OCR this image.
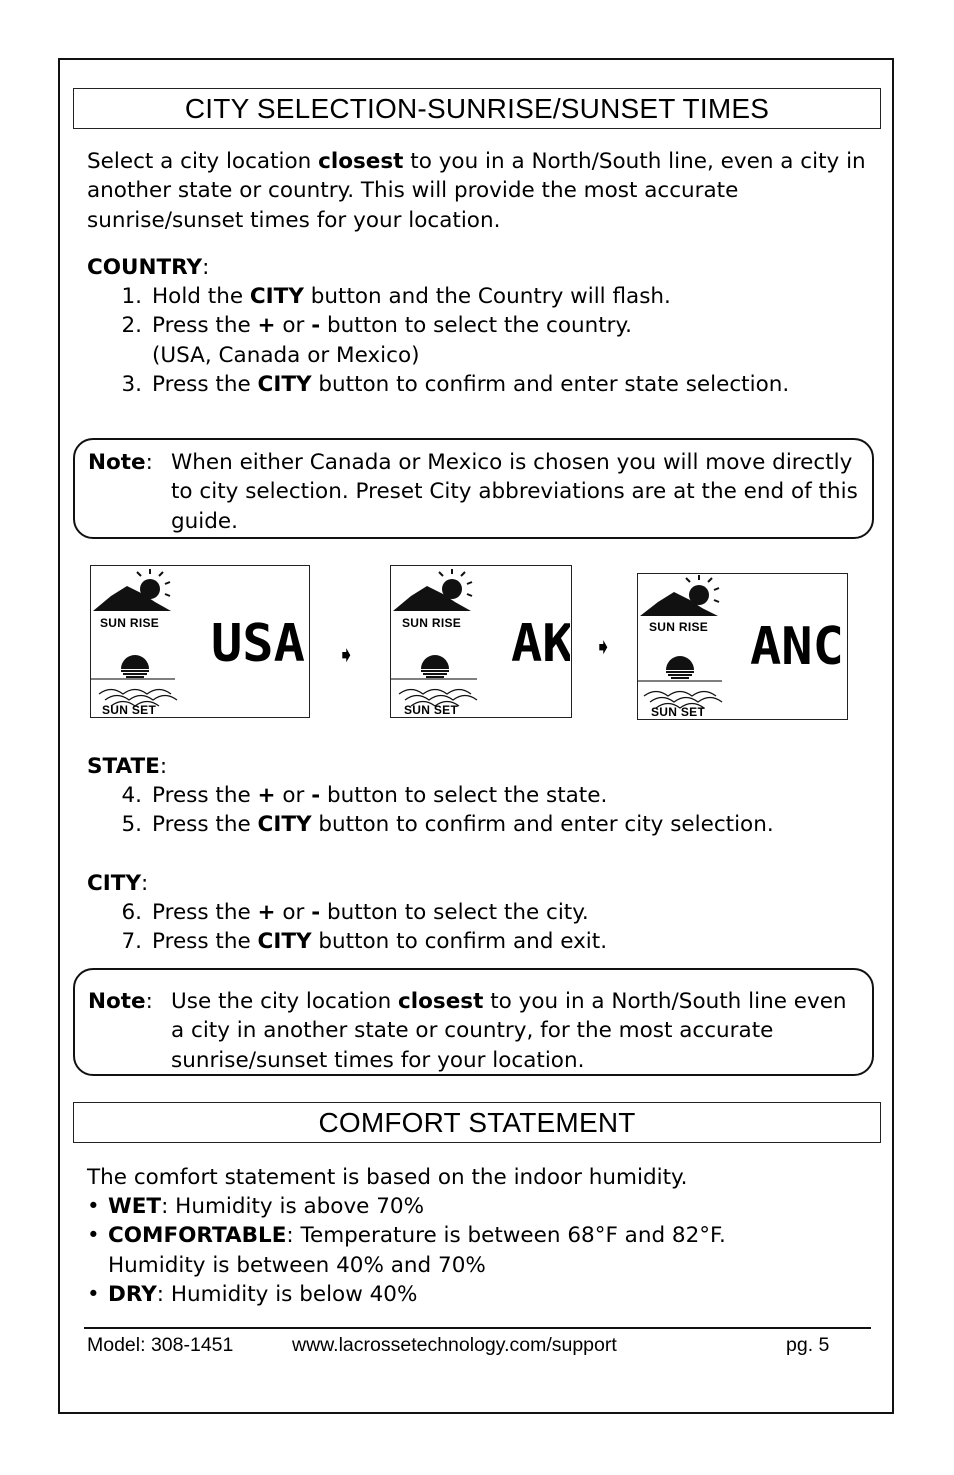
CITY SELECTION-SUNRISE/SUNSET TIMES

Select a city location closest to you in a North/South line, even a city in another state or country. This will provide the most accurate sunrise/sunset times for your location.

COUNTRY:
1. Hold the CITY button and the Country will flash.
2. Press the + or - button to select the country.
(USA, Canada or Mexico)
3. Press the CITY button to confirm and enter state selection.
Note: When either Canada or Mexico is chosen you will move directly to city selection. Preset City abbreviations are at the end of this guide.
USA
SUN RISE
SUN SET
➧	AK
SUN RISE
SUN SET
➧	ANC
SUN RISE
SUN SET
STATE:
4. Press the + or - button to select the state.
5. Press the CITY button to confirm and enter city selection.
CITY:
6. Press the + or - button to select the city.
7. Press the CITY button to confirm and exit.
Note: Use the city location closest to you in a North/South line even a city in another state or country, for the most accurate sunrise/sunset times for your location.
COMFORT STATEMENT

The comfort statement is based on the indoor humidity.

• WET: Humidity is above 70%
• COMFORTABLE: Temperature is between 68°F and 82°F. Humidity is between 40% and 70%
• DRY: Humidity is below 40%
Model: 308-1451	www.lacrossetechnology.com/support	pg. 5
